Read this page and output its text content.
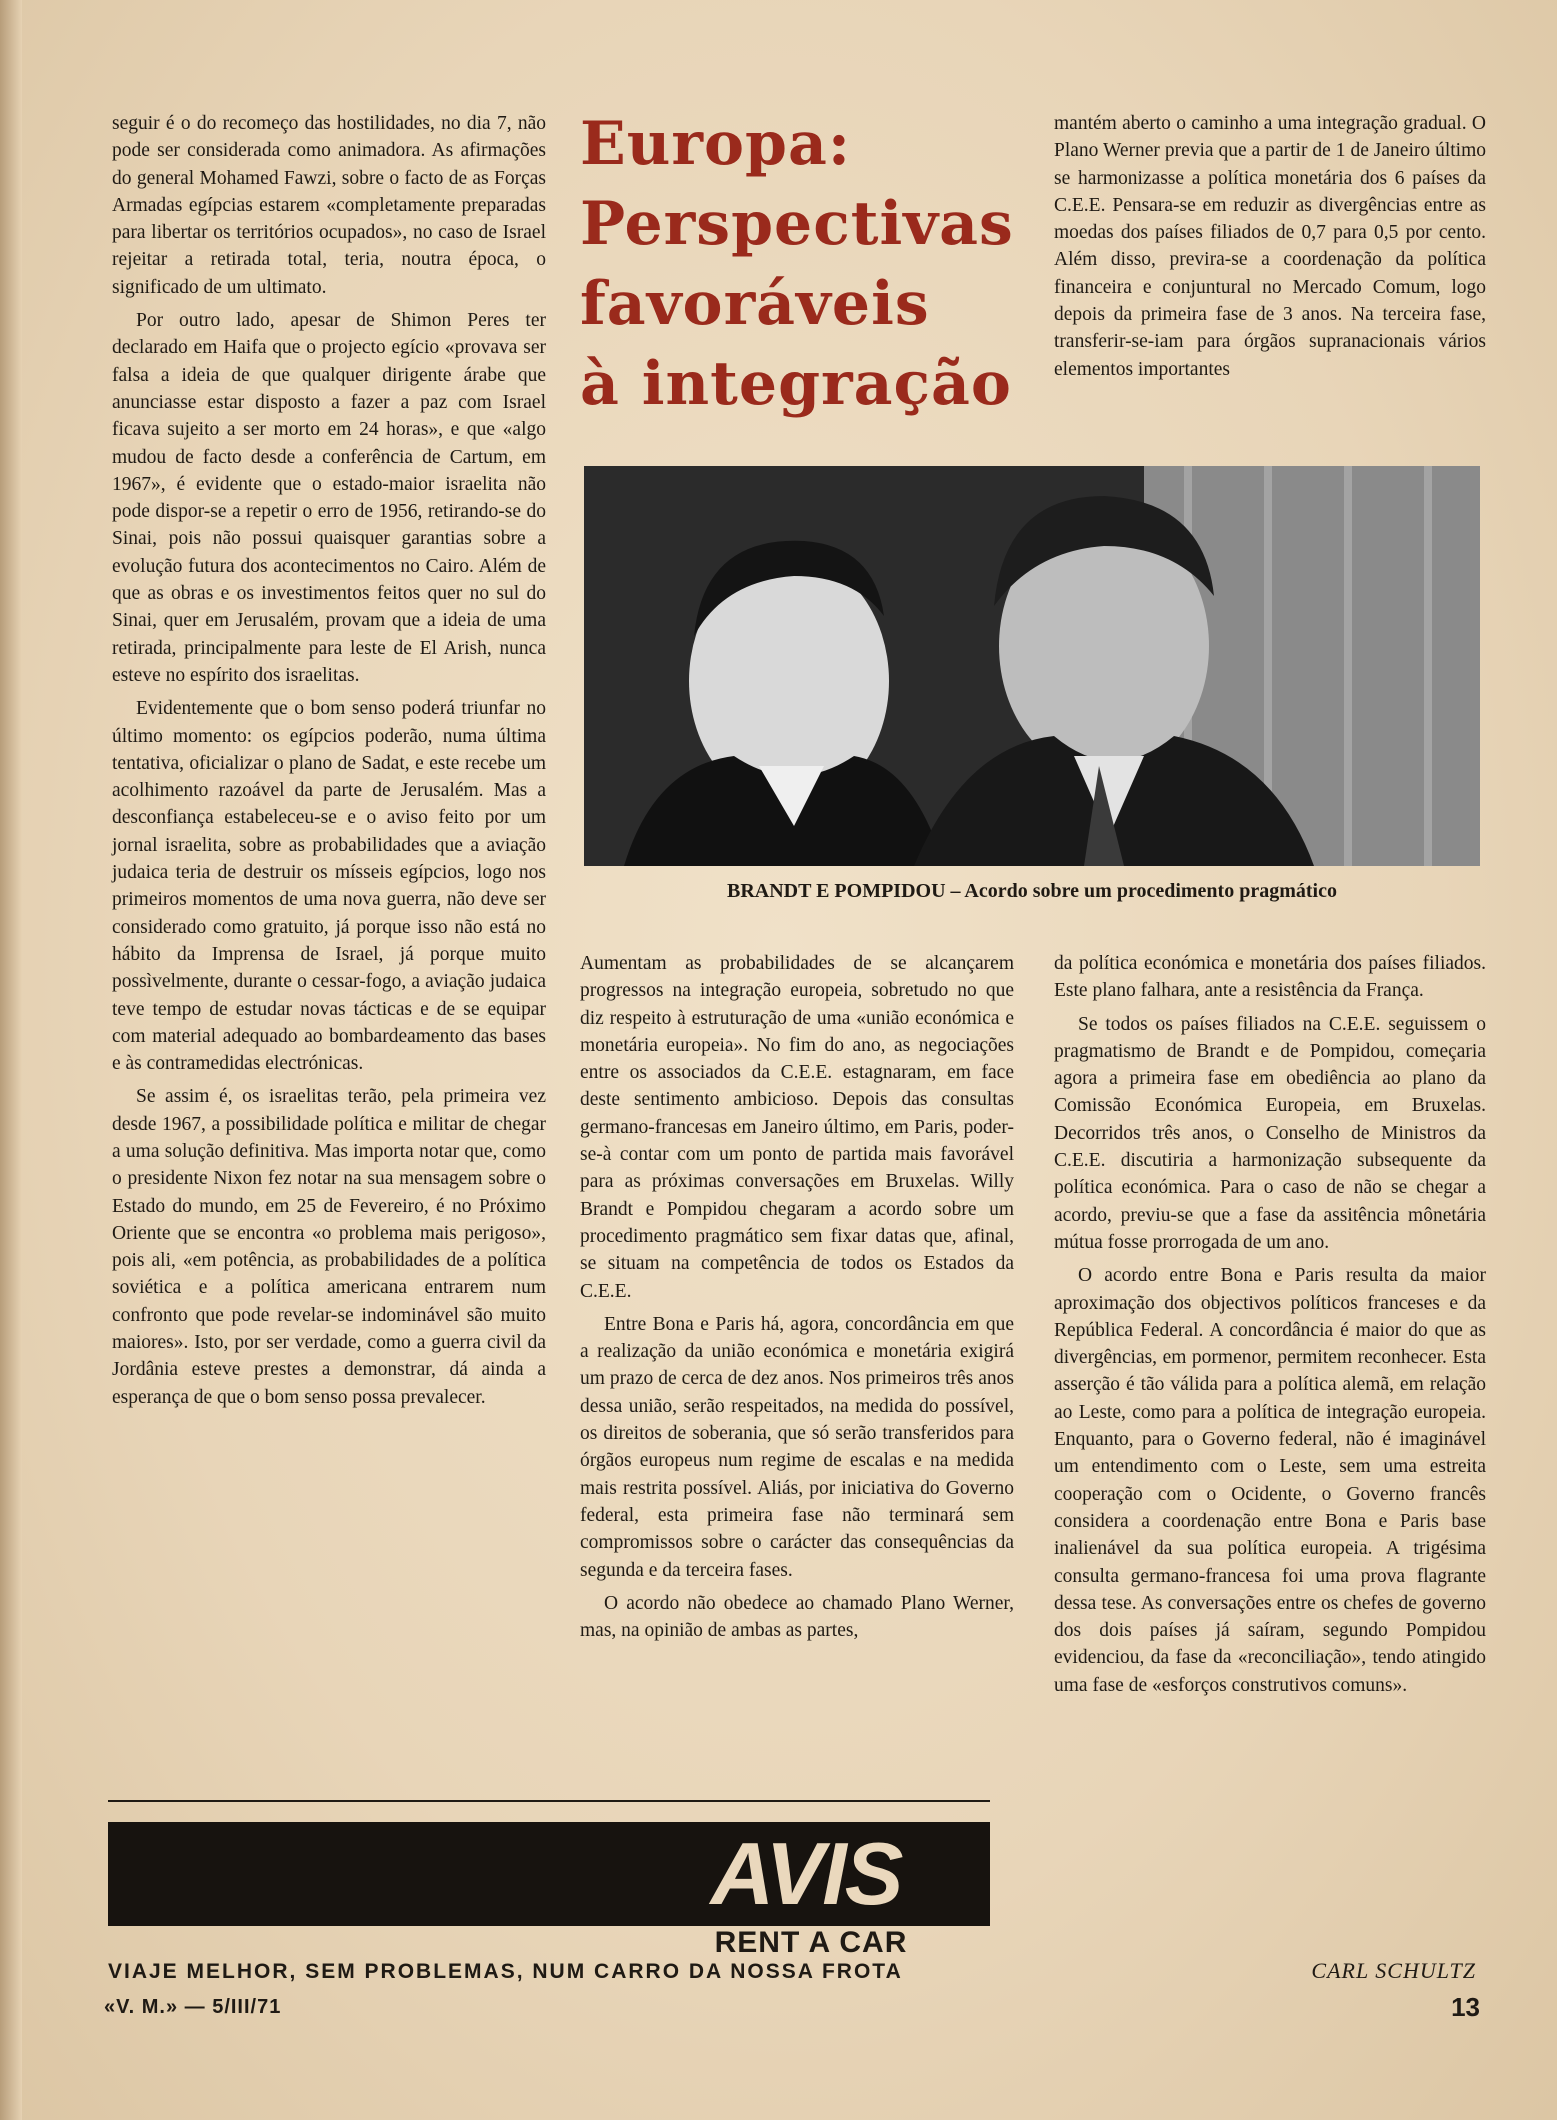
seguir é o do recomeço das hostilidades, no dia 7, não pode ser considerada como animadora. As afirmações do general Mohamed Fawzi, sobre o facto de as Forças Armadas egípcias estarem «completamente preparadas para libertar os territórios ocupados», no caso de Israel rejeitar a retirada total, teria, noutra época, o significado de um ultimato.

Por outro lado, apesar de Shimon Peres ter declarado em Haifa que o projecto egício «provava ser falsa a ideia de que qualquer dirigente árabe que anunciasse estar disposto a fazer a paz com Israel ficava sujeito a ser morto em 24 horas», e que «algo mudou de facto desde a conferência de Cartum, em 1967», é evidente que o estado-maior israelita não pode dispor-se a repetir o erro de 1956, retirando-se do Sinai, pois não possui quaisquer garantias sobre a evolução futura dos acontecimentos no Cairo. Além de que as obras e os investimentos feitos quer no sul do Sinai, quer em Jerusalém, provam que a ideia de uma retirada, principalmente para leste de El Arish, nunca esteve no espírito dos israelitas.

Evidentemente que o bom senso poderá triunfar no último momento: os egípcios poderão, numa última tentativa, oficializar o plano de Sadat, e este recebe um acolhimento razoável da parte de Jerusalém. Mas a desconfiança estabeleceu-se e o aviso feito por um jornal israelita, sobre as probabilidades que a aviação judaica teria de destruir os mísseis egípcios, logo nos primeiros momentos de uma nova guerra, não deve ser considerado como gratuito, já porque isso não está no hábito da Imprensa de Israel, já porque muito possìvelmente, durante o cessar-fogo, a aviação judaica teve tempo de estudar novas tácticas e de se equipar com material adequado ao bombardeamento das bases e às contramedidas electrónicas.

Se assim é, os israelitas terão, pela primeira vez desde 1967, a possibilidade política e militar de chegar a uma solução definitiva. Mas importa notar que, como o presidente Nixon fez notar na sua mensagem sobre o Estado do mundo, em 25 de Fevereiro, é no Próximo Oriente que se encontra «o problema mais perigoso», pois ali, «em potência, as probabilidades de a política soviética e a política americana entrarem num confronto que pode revelar-se indominável são muito maiores». Isto, por ser verdade, como a guerra civil da Jordânia esteve prestes a demonstrar, dá ainda a esperança de que o bom senso possa prevalecer.

Europa:
Perspectivas
favoráveis
à integração

mantém aberto o caminho a uma integração gradual. O Plano Werner previa que a partir de 1 de Janeiro último se harmonizasse a política monetária dos 6 países da C.E.E. Pensara-se em reduzir as divergências entre as moedas dos países filiados de 0,7 para 0,5 por cento. Além disso, previra-se a coordenação da política financeira e conjuntural no Mercado Comum, logo depois da primeira fase de 3 anos. Na terceira fase, transferir-se-iam para órgãos supranacionais vários elementos importantes

BRANDT E POMPIDOU – Acordo sobre um procedimento pragmático

Aumentam as probabilidades de se alcançarem progressos na integração europeia, sobretudo no que diz respeito à estruturação de uma «união económica e monetária europeia». No fim do ano, as negociações entre os associados da C.E.E. estagnaram, em face deste sentimento ambicioso. Depois das consultas germano-francesas em Janeiro último, em Paris, poder-se-à contar com um ponto de partida mais favorável para as próximas conversações em Bruxelas. Willy Brandt e Pompidou chegaram a acordo sobre um procedimento pragmático sem fixar datas que, afinal, se situam na competência de todos os Estados da C.E.E.

Entre Bona e Paris há, agora, concordância em que a realização da união económica e monetária exigirá um prazo de cerca de dez anos. Nos primeiros três anos dessa união, serão respeitados, na medida do possível, os direitos de soberania, que só serão transferidos para órgãos europeus num regime de escalas e na medida mais restrita possível. Aliás, por iniciativa do Governo federal, esta primeira fase não terminará sem compromissos sobre o carácter das consequências da segunda e da terceira fases.

O acordo não obedece ao chamado Plano Werner, mas, na opinião de ambas as partes,

da política económica e monetária dos países filiados. Este plano falhara, ante a resistência da França.

Se todos os países filiados na C.E.E. seguissem o pragmatismo de Brandt e de Pompidou, começaria agora a primeira fase em obediência ao plano da Comissão Económica Europeia, em Bruxelas. Decorridos três anos, o Conselho de Ministros da C.E.E. discutiria a harmonização subsequente da política económica. Para o caso de não se chegar a acordo, previu-se que a fase da assitência mônetária mútua fosse prorrogada de um ano.

O acordo entre Bona e Paris resulta da maior aproximação dos objectivos políticos franceses e da República Federal. A concordância é maior do que as divergências, em pormenor, permitem reconhecer. Esta asserção é tão válida para a política alemã, em relação ao Leste, como para a política de integração europeia. Enquanto, para o Governo federal, não é imaginável um entendimento com o Leste, sem uma estreita cooperação com o Ocidente, o Governo francês considera a coordenação entre Bona e Paris base inalienável da sua política europeia. A trigésima consulta germano-francesa foi uma prova flagrante dessa tese. As conversações entre os chefes de governo dos dois países já saíram, segundo Pompidou evidenciou, da fase da «reconciliação», tendo atingido uma fase de «esforços construtivos comuns».

AVIS
RENT A CAR
VIAJE MELHOR, SEM PROBLEMAS, NUM CARRO DA NOSSA FROTA
«V. M.» — 5/III/71
CARL SCHULTZ
13
